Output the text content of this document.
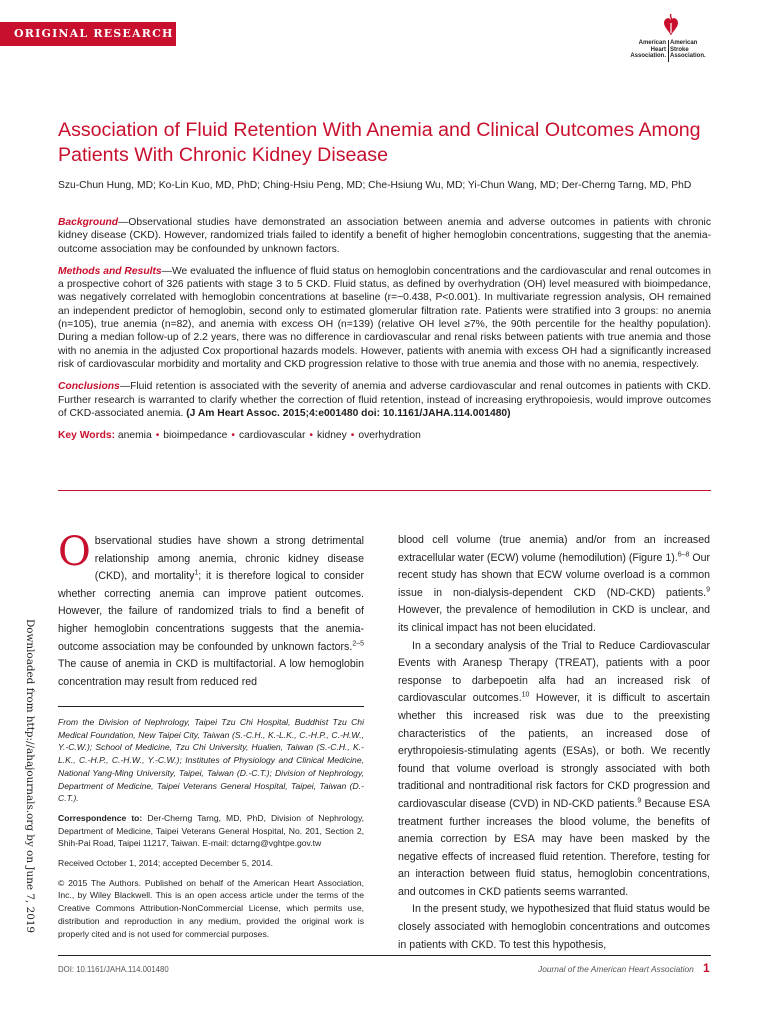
ORIGINAL RESEARCH
American
Heart
Association.
American
Stroke
Association.
Association of Fluid Retention With Anemia and Clinical Outcomes Among Patients With Chronic Kidney Disease
Szu-Chun Hung, MD; Ko-Lin Kuo, MD, PhD; Ching-Hsiu Peng, MD; Che-Hsiung Wu, MD; Yi-Chun Wang, MD; Der-Cherng Tarng, MD, PhD

Background—Observational studies have demonstrated an association between anemia and adverse outcomes in patients with chronic kidney disease (CKD). However, randomized trials failed to identify a benefit of higher hemoglobin concentrations, suggesting that the anemia-outcome association may be confounded by unknown factors.

Methods and Results—We evaluated the influence of fluid status on hemoglobin concentrations and the cardiovascular and renal outcomes in a prospective cohort of 326 patients with stage 3 to 5 CKD. Fluid status, as defined by overhydration (OH) level measured with bioimpedance, was negatively correlated with hemoglobin concentrations at baseline (r=−0.438, P<0.001). In multivariate regression analysis, OH remained an independent predictor of hemoglobin, second only to estimated glomerular filtration rate. Patients were stratified into 3 groups: no anemia (n=105), true anemia (n=82), and anemia with excess OH (n=139) (relative OH level ≥7%, the 90th percentile for the healthy population). During a median follow-up of 2.2 years, there was no difference in cardiovascular and renal risks between patients with true anemia and those with no anemia in the adjusted Cox proportional hazards models. However, patients with anemia with excess OH had a significantly increased risk of cardiovascular morbidity and mortality and CKD progression relative to those with true anemia and those with no anemia, respectively.

Conclusions—Fluid retention is associated with the severity of anemia and adverse cardiovascular and renal outcomes in patients with CKD. Further research is warranted to clarify whether the correction of fluid retention, instead of increasing erythropoiesis, would improve outcomes of CKD-associated anemia. (J Am Heart Assoc. 2015;4:e001480 doi: 10.1161/JAHA.114.001480)

Key Words: anemia • bioimpedance • cardiovascular • kidney • overhydration

Downloaded from http://ahajournals.org by on June 7, 2019

Observational studies have shown a strong detrimental relationship among anemia, chronic kidney disease (CKD), and mortality$^1$; it is therefore logical to consider whether correcting anemia can improve patient outcomes. However, the failure of randomized trials to find a benefit of higher hemoglobin concentrations suggests that the anemia-outcome association may be confounded by unknown factors.$^{2-5}$ The cause of anemia in CKD is multifactorial. A low hemoglobin concentration may result from reduced red

From the Division of Nephrology, Taipei Tzu Chi Hospital, Buddhist Tzu Chi Medical Foundation, New Taipei City, Taiwan (S.-C.H., K.-L.K., C.-H.P., C.-H.W., Y.-C.W.); School of Medicine, Tzu Chi University, Hualien, Taiwan (S.-C.H., K.-L.K., C.-H.P., C.-H.W., Y.-C.W.); Institutes of Physiology and Clinical Medicine, National Yang-Ming University, Taipei, Taiwan (D.-C.T.); Division of Nephrology, Department of Medicine, Taipei Veterans General Hospital, Taipei, Taiwan (D.-C.T.).

Correspondence to: Der-Cherng Tarng, MD, PhD, Division of Nephrology, Department of Medicine, Taipei Veterans General Hospital, No. 201, Section 2, Shih-Pai Road, Taipei 11217, Taiwan. E-mail: dctarng@vghtpe.gov.tw

Received October 1, 2014; accepted December 5, 2014.

© 2015 The Authors. Published on behalf of the American Heart Association, Inc., by Wiley Blackwell. This is an open access article under the terms of the Creative Commons Attribution-NonCommercial License, which permits use, distribution and reproduction in any medium, provided the original work is properly cited and is not used for commercial purposes.

blood cell volume (true anemia) and/or from an increased extracellular water (ECW) volume (hemodilution) (Figure 1).$^{6-8}$ Our recent study has shown that ECW volume overload is a common issue in non-dialysis-dependent CKD (ND-CKD) patients.$^9$ However, the prevalence of hemodilution in CKD is unclear, and its clinical impact has not been elucidated.

In a secondary analysis of the Trial to Reduce Cardiovascular Events with Aranesp Therapy (TREAT), patients with a poor response to darbepoetin alfa had an increased risk of cardiovascular outcomes.$^{10}$ However, it is difficult to ascertain whether this increased risk was due to the preexisting characteristics of the patients, an increased dose of erythropoiesis-stimulating agents (ESAs), or both. We recently found that volume overload is strongly associated with both traditional and nontraditional risk factors for CKD progression and cardiovascular disease (CVD) in ND-CKD patients.$^9$ Because ESA treatment further increases the blood volume, the benefits of anemia correction by ESA may have been masked by the negative effects of increased fluid retention. Therefore, testing for an interaction between fluid status, hemoglobin concentrations, and outcomes in CKD patients seems warranted.

In the present study, we hypothesized that fluid status would be closely associated with hemoglobin concentrations and outcomes in patients with CKD. To test this hypothesis,

DOI: 10.1161/JAHA.114.001480	Journal of the American Heart Association 1
